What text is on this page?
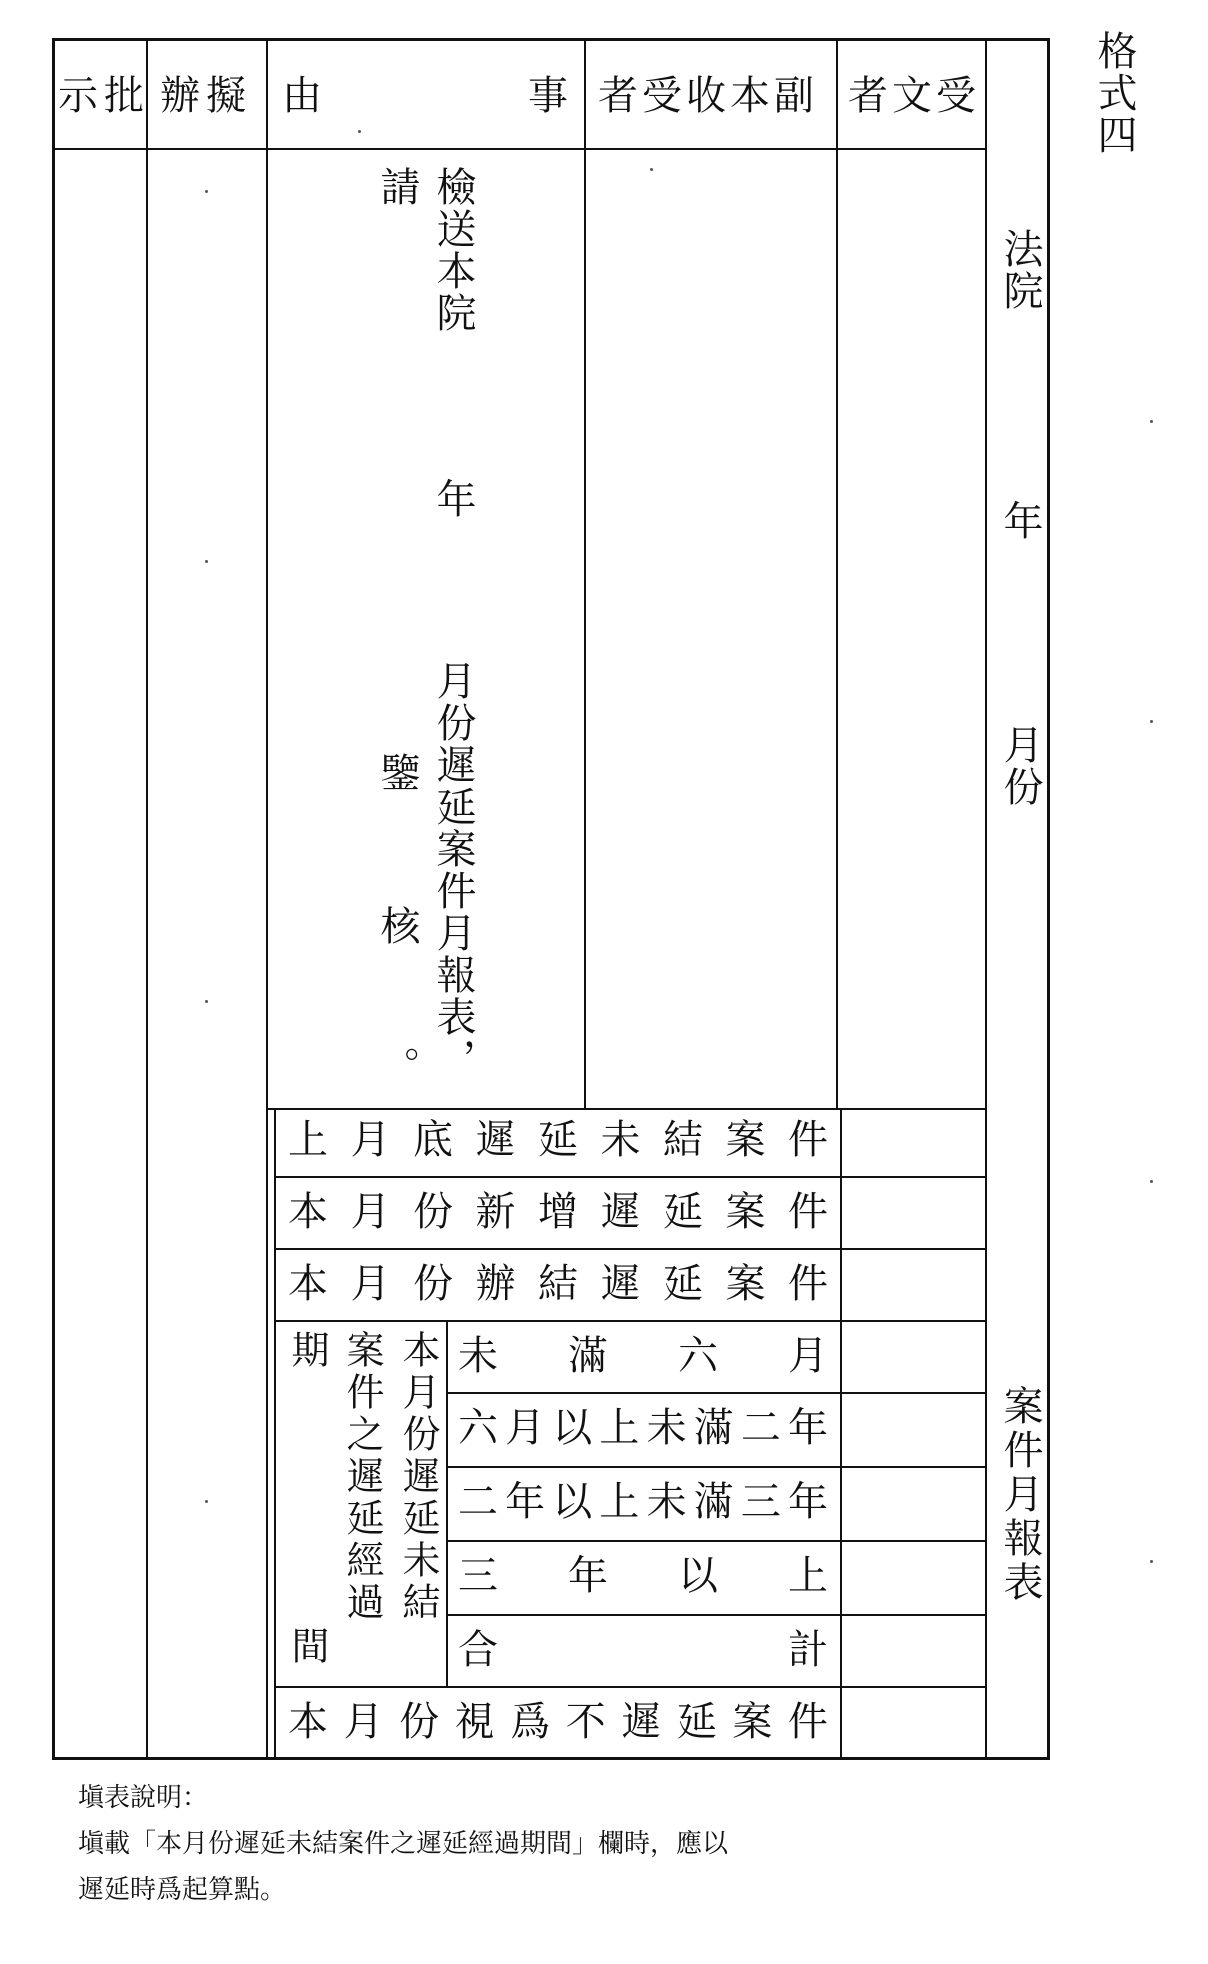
格式四
示批 辦擬 由	事 者受收本副 者文受
檢送本院
年
月份遲延案件月報表，
請
鑒
核
。
法院
年
月份
案件月報表
上 月 底 遲 延 未 結 案 件
本 月 份 新 增 遲 延 案 件
本 月 份 辦 結 遲 延 案 件
本月份遲延未結
案件之遲延經過
期
間
未 滿 六 月
六 月 以 上 未 滿 二 年
二 年 以 上 未 滿 三 年
三 年 以 上
合	計
本 月 份 視 爲 不 遲 延 案 件
塡表說明：
塡載「本月份遲延未結案件之遲延經過期間」欄時，應以
遲延時爲起算點。
